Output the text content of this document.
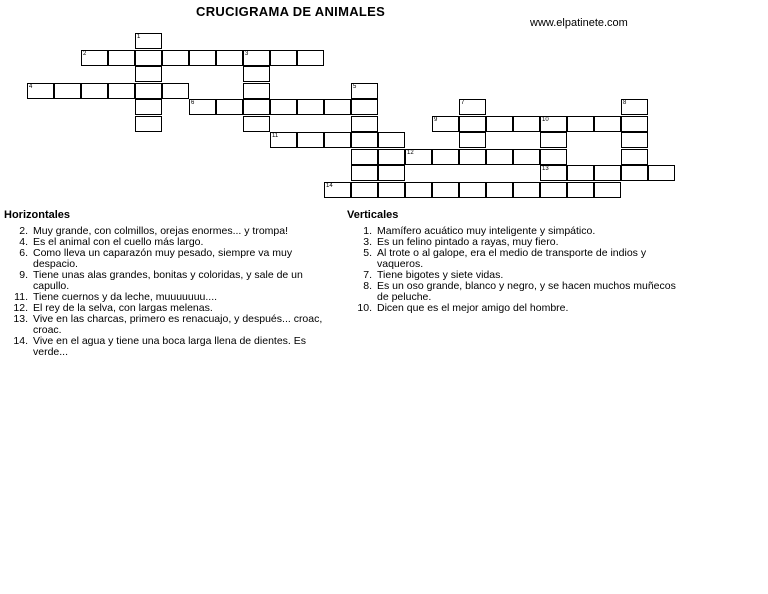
CRUCIGRAMA DE ANIMALES
www.elpatinete.com
1
2	3
4	5
6	7	8
9	10
11
12
13
14
Horizontales	Verticales
2. Muy grande, con colmillos, orejas enormes... y trompa!
4. Es el animal con el cuello más largo.
6. Como lleva un caparazón muy pesado, siempre va muy despacio.
9. Tiene unas alas grandes, bonitas y coloridas, y sale de un capullo.
11. Tiene cuernos y da leche, muuuuuuu....
12. El rey de la selva, con largas melenas.
13. Vive en las charcas, primero es renacuajo, y después... croac, croac.
14. Vive en el agua y tiene una boca larga llena de dientes. Es verde...
1. Mamífero acuático muy inteligente y simpático.
3. Es un felino pintado a rayas, muy fiero.
5. Al trote o al galope, era el medio de transporte de indios y vaqueros.
7. Tiene bigotes y siete vidas.
8. Es un oso grande, blanco y negro, y se hacen muchos muñecos de peluche.
10. Dicen que es el mejor amigo del hombre.
